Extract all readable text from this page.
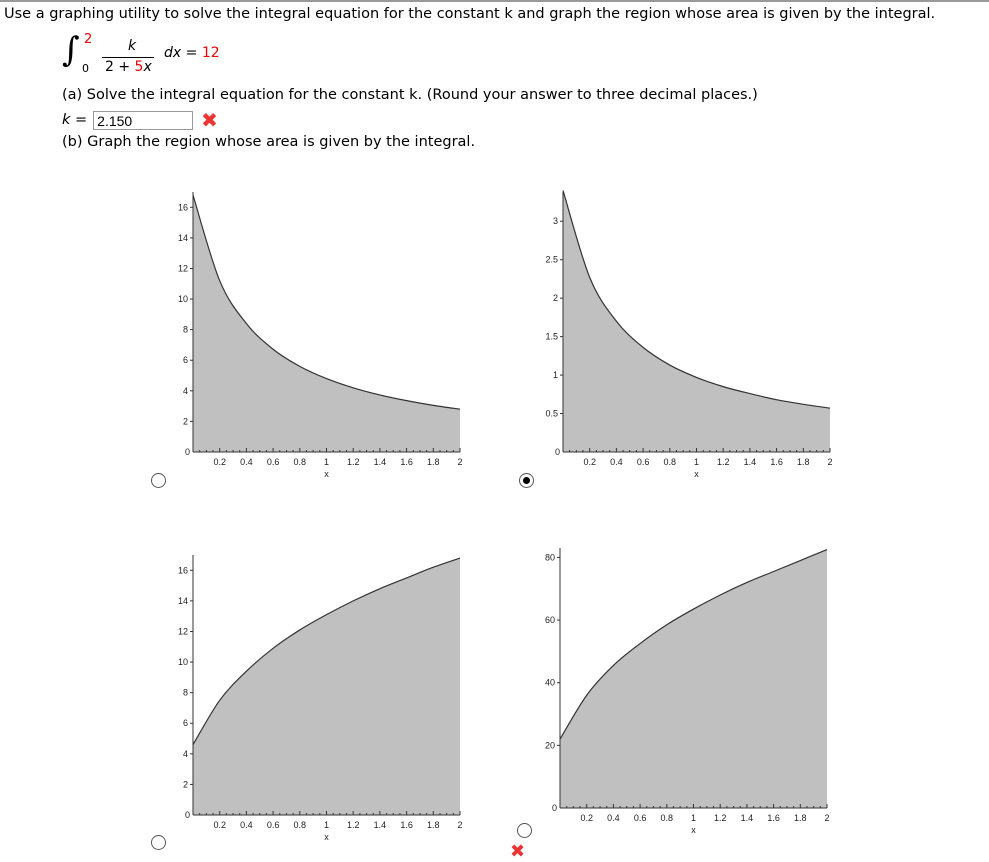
Use a graphing utility to solve the integral equation for the constant k and graph the region whose area is given by the integral.
∫ 2
0
k
2 + 5x
dx = 12
(a) Solve the integral equation for the constant k. (Round your answer to three decimal places.)
k = 2.150	✖
(b) Graph the region whose area is given by the integral.
0.2 0.4 0.6 0.8 1 1.2 1.4 1.6 1.8 2
0
2
4
6
8
10
12
14
16
x
0.2 0.4 0.6 0.8 1 1.2 1.4 1.6 1.8 2
0
0.5
1
1.5
2
2.5
3
x
0.2 0.4 0.6 0.8 1 1.2 1.4 1.6 1.8 2
0
2
4
6
8
10
12
14
16
x
0.2 0.4 0.6 0.8 1 1.2 1.4 1.6 1.8 2
0
20
40
60
80
x
✖
